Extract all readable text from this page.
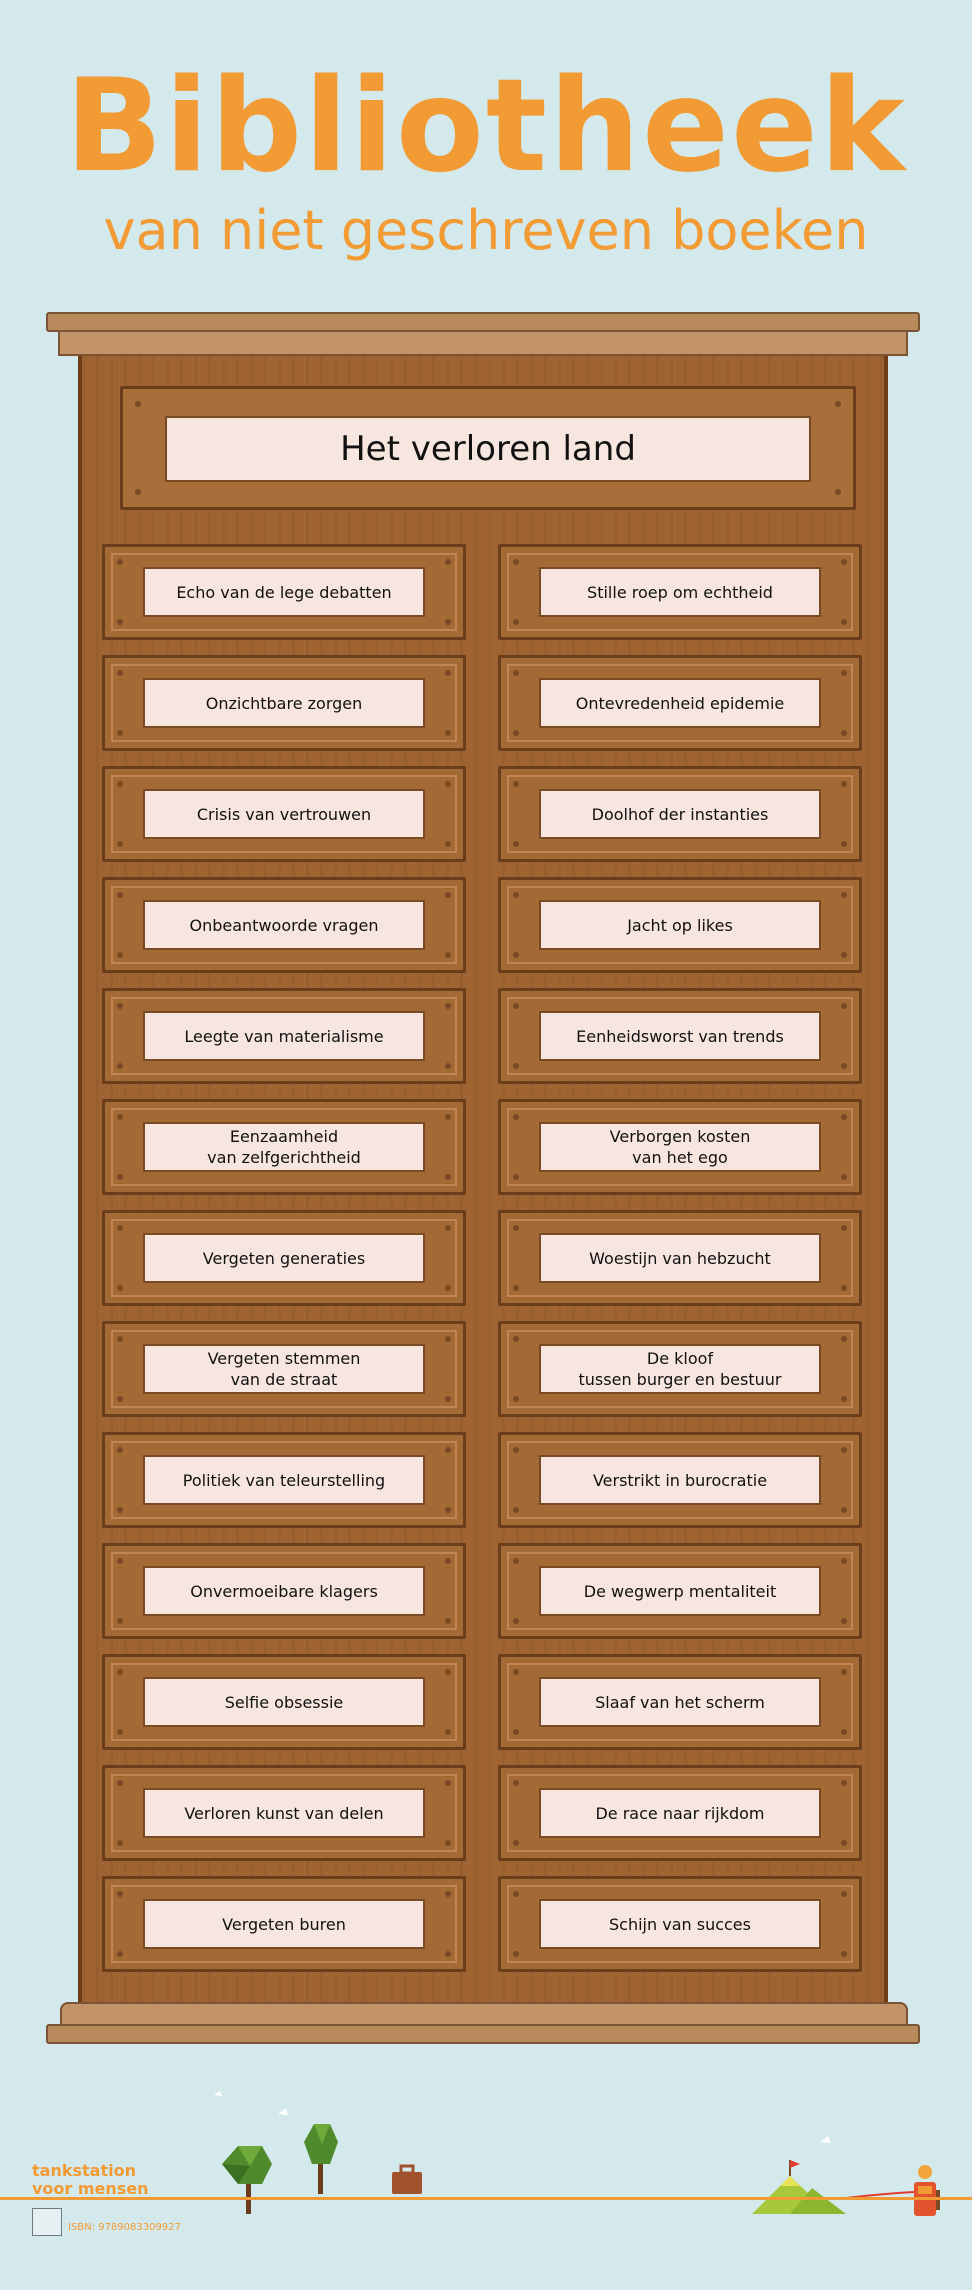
Bibliotheek
van niet geschreven boeken
Het verloren land
Echo van de lege debatten
Onzichtbare zorgen
Crisis van vertrouwen
Onbeantwoorde vragen
Leegte van materialisme
Eenzaamheid
van zelfgerichtheid
Vergeten generaties
Vergeten stemmen
van de straat
Politiek van teleurstelling
Onvermoeibare klagers
Selfie obsessie
Verloren kunst van delen
Vergeten buren
Stille roep om echtheid
Ontevredenheid epidemie
Doolhof der instanties
Jacht op likes
Eenheidsworst van trends
Verborgen kosten
van het ego
Woestijn van hebzucht
De kloof
tussen burger en bestuur
Verstrikt in burocratie
De wegwerp mentaliteit
Slaaf van het scherm
De race naar rijkdom
Schijn van succes
tankstation
voor mensen
ISBN: 9789083309927
